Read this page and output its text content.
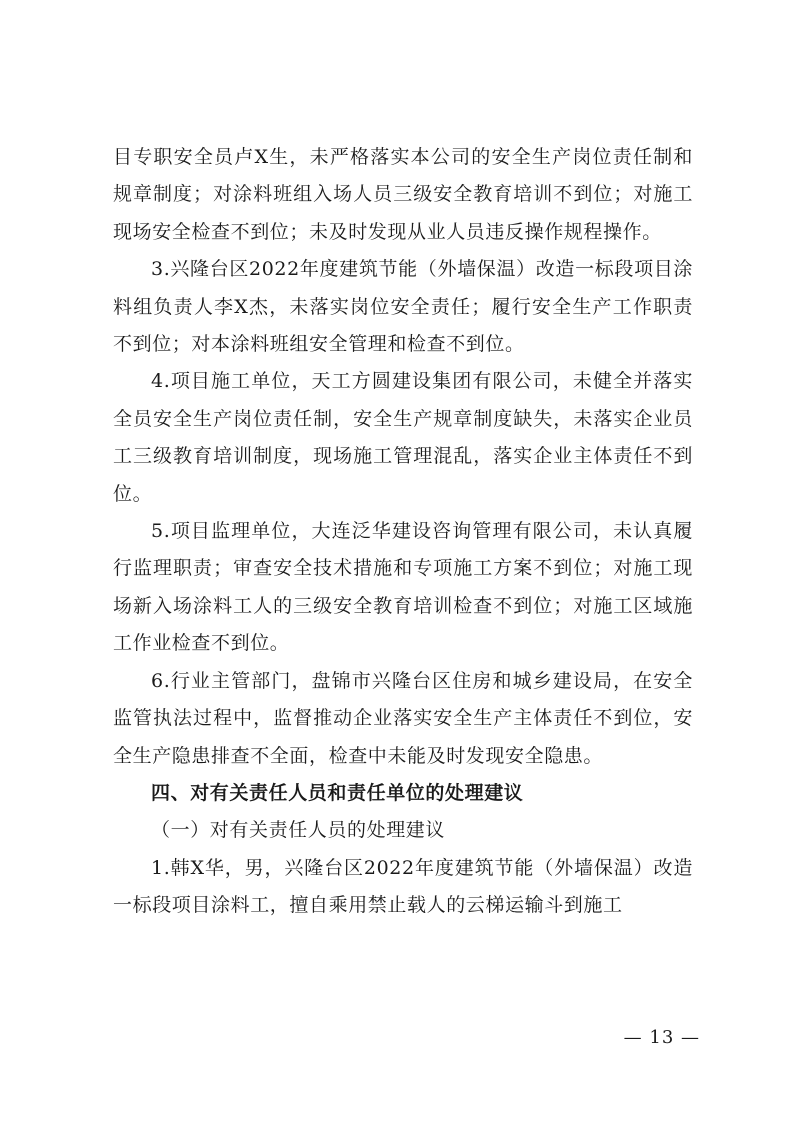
目专职安全员卢X生，未严格落实本公司的安全生产岗位责任制和规章制度；对涂料班组入场人员三级安全教育培训不到位；对施工现场安全检查不到位；未及时发现从业人员违反操作规程操作。

3.兴隆台区2022年度建筑节能（外墙保温）改造一标段项目涂料组负责人李X杰，未落实岗位安全责任；履行安全生产工作职责不到位；对本涂料班组安全管理和检查不到位。

4.项目施工单位，天工方圆建设集团有限公司，未健全并落实全员安全生产岗位责任制，安全生产规章制度缺失，未落实企业员工三级教育培训制度，现场施工管理混乱，落实企业主体责任不到位。

5.项目监理单位，大连泛华建设咨询管理有限公司，未认真履行监理职责；审查安全技术措施和专项施工方案不到位；对施工现场新入场涂料工人的三级安全教育培训检查不到位；对施工区域施工作业检查不到位。

6.行业主管部门，盘锦市兴隆台区住房和城乡建设局，在安全监管执法过程中，监督推动企业落实安全生产主体责任不到位，安全生产隐患排查不全面，检查中未能及时发现安全隐患。

四、对有关责任人员和责任单位的处理建议

（一）对有关责任人员的处理建议

1.韩X华，男，兴隆台区2022年度建筑节能（外墙保温）改造一标段项目涂料工，擅自乘用禁止载人的云梯运输斗到施工

— 13 —
